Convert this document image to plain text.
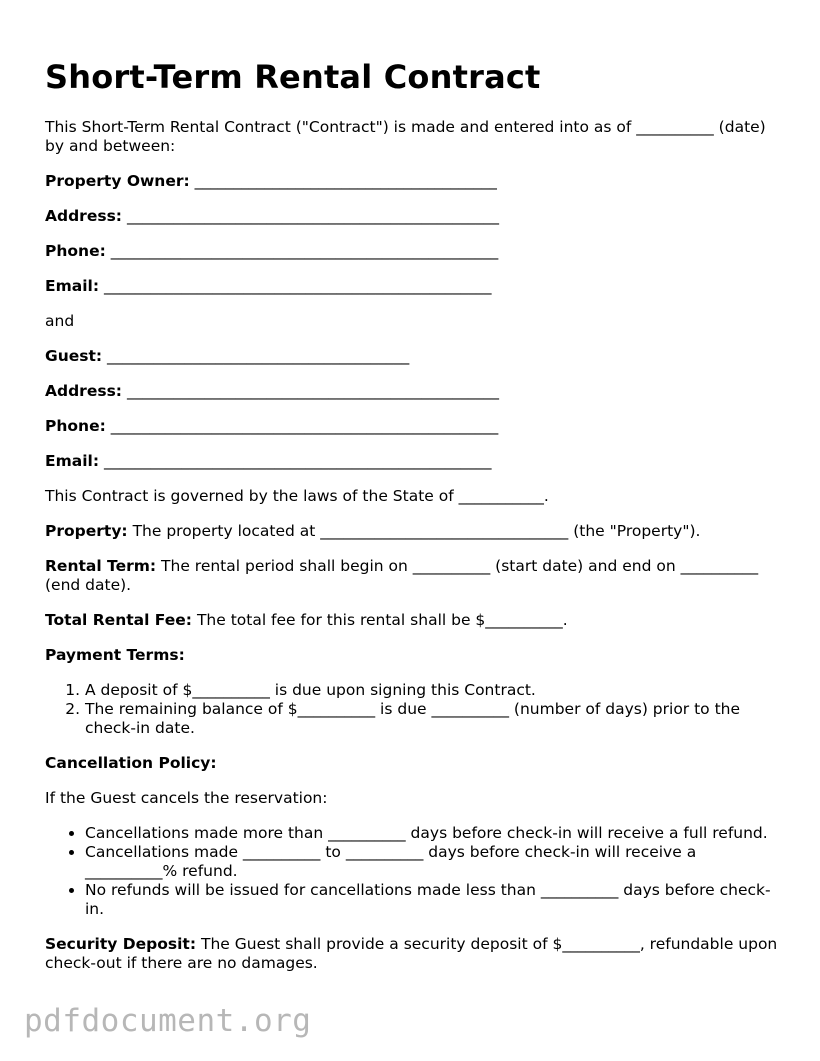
Short-Term Rental Contract

This Short-Term Rental Contract ("Contract") is made and entered into as of __________ (date) by and between:

Property Owner: _______________________________________
Address: ________________________________________________
Phone: __________________________________________________
Email: __________________________________________________

and

Guest: _______________________________________
Address: ________________________________________________
Phone: __________________________________________________
Email: __________________________________________________

This Contract is governed by the laws of the State of ___________.

Property: The property located at ________________________________ (the "Property").

Rental Term: The rental period shall begin on __________ (start date) and end on __________ (end date).

Total Rental Fee: The total fee for this rental shall be $__________.

Payment Terms:

1. A deposit of $__________ is due upon signing this Contract.
2. The remaining balance of $__________ is due __________ (number of days) prior to the check-in date.

Cancellation Policy:

If the Guest cancels the reservation:

• Cancellations made more than __________ days before check-in will receive a full refund.
• Cancellations made __________ to __________ days before check-in will receive a __________% refund.
• No refunds will be issued for cancellations made less than __________ days before check-in.

Security Deposit: The Guest shall provide a security deposit of $__________, refundable upon check-out if there are no damages.

pdfdocument.org
